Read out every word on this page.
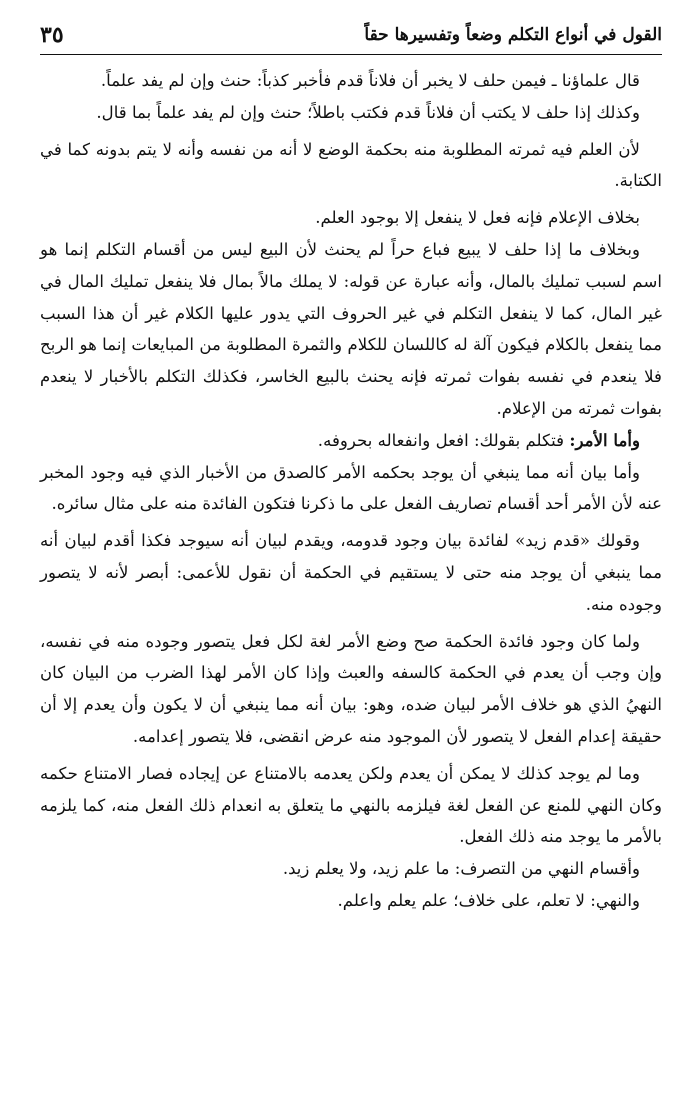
القول في أنواع التكلم وضعاً وتفسيرها حقاً
٣٥

قال علماؤنا ـ فيمن حلف لا يخبر أن فلاناً قدم فأخبر كذباً: حنث وإن لم يفد علماً.

وكذلك إذا حلف لا يكتب أن فلاناً قدم فكتب باطلاً؛ حنث وإن لم يفد علماً بما قال.

لأن العلم فيه ثمرته المطلوبة منه بحكمة الوضع لا أنه من نفسه وأنه لا يتم بدونه كما في الكتابة.

بخلاف الإعلام فإنه فعل لا ينفعل إلا بوجود العلم.

وبخلاف ما إذا حلف لا يبيع فباع حراً لم يحنث لأن البيع ليس من أقسام التكلم إنما هو اسم لسبب تمليك بالمال، وأنه عبارة عن قوله: لا يملك مالاً بمال فلا ينفعل تمليك المال في غير المال، كما لا ينفعل التكلم في غير الحروف التي يدور عليها الكلام غير أن هذا السبب مما ينفعل بالكلام فيكون آلة له كاللسان للكلام والثمرة المطلوبة من المبايعات إنما هو الربح فلا ينعدم في نفسه بفوات ثمرته فإنه يحنث بالبيع الخاسر، فكذلك التكلم بالأخبار لا ينعدم بفوات ثمرته من الإعلام.

وأما الأمر: فتكلم بقولك: افعل وانفعاله بحروفه.

وأما بيان أنه مما ينبغي أن يوجد بحكمه الأمر كالصدق من الأخبار الذي فيه وجود المخبر عنه لأن الأمر أحد أقسام تصاريف الفعل على ما ذكرنا فتكون الفائدة منه على مثال سائره.

وقولك «قدم زيد» لفائدة بيان وجود قدومه، ويقدم لبيان أنه سيوجد فكذا أقدم لبيان أنه مما ينبغي أن يوجد منه حتى لا يستقيم في الحكمة أن نقول للأعمى: أبصر لأنه لا يتصور وجوده منه.

ولما كان وجود فائدة الحكمة صح وضع الأمر لغة لكل فعل يتصور وجوده منه في نفسه، وإن وجب أن يعدم في الحكمة كالسفه والعبث وإذا كان الأمر لهذا الضرب من البيان كان النهيُ الذي هو خلاف الأمر لبيان ضده، وهو: بيان أنه مما ينبغي أن لا يكون وأن يعدم إلا أن حقيقة إعدام الفعل لا يتصور لأن الموجود منه عرض انقضى، فلا يتصور إعدامه.

وما لم يوجد كذلك لا يمكن أن يعدم ولكن يعدمه بالامتناع عن إيجاده فصار الامتناع حكمه وكان النهي للمنع عن الفعل لغة فيلزمه بالنهي ما يتعلق به انعدام ذلك الفعل منه، كما يلزمه بالأمر ما يوجد منه ذلك الفعل.

وأقسام النهي من التصرف: ما علم زيد، ولا يعلم زيد.

والنهي: لا تعلم، على خلاف؛ علم يعلم واعلم.
